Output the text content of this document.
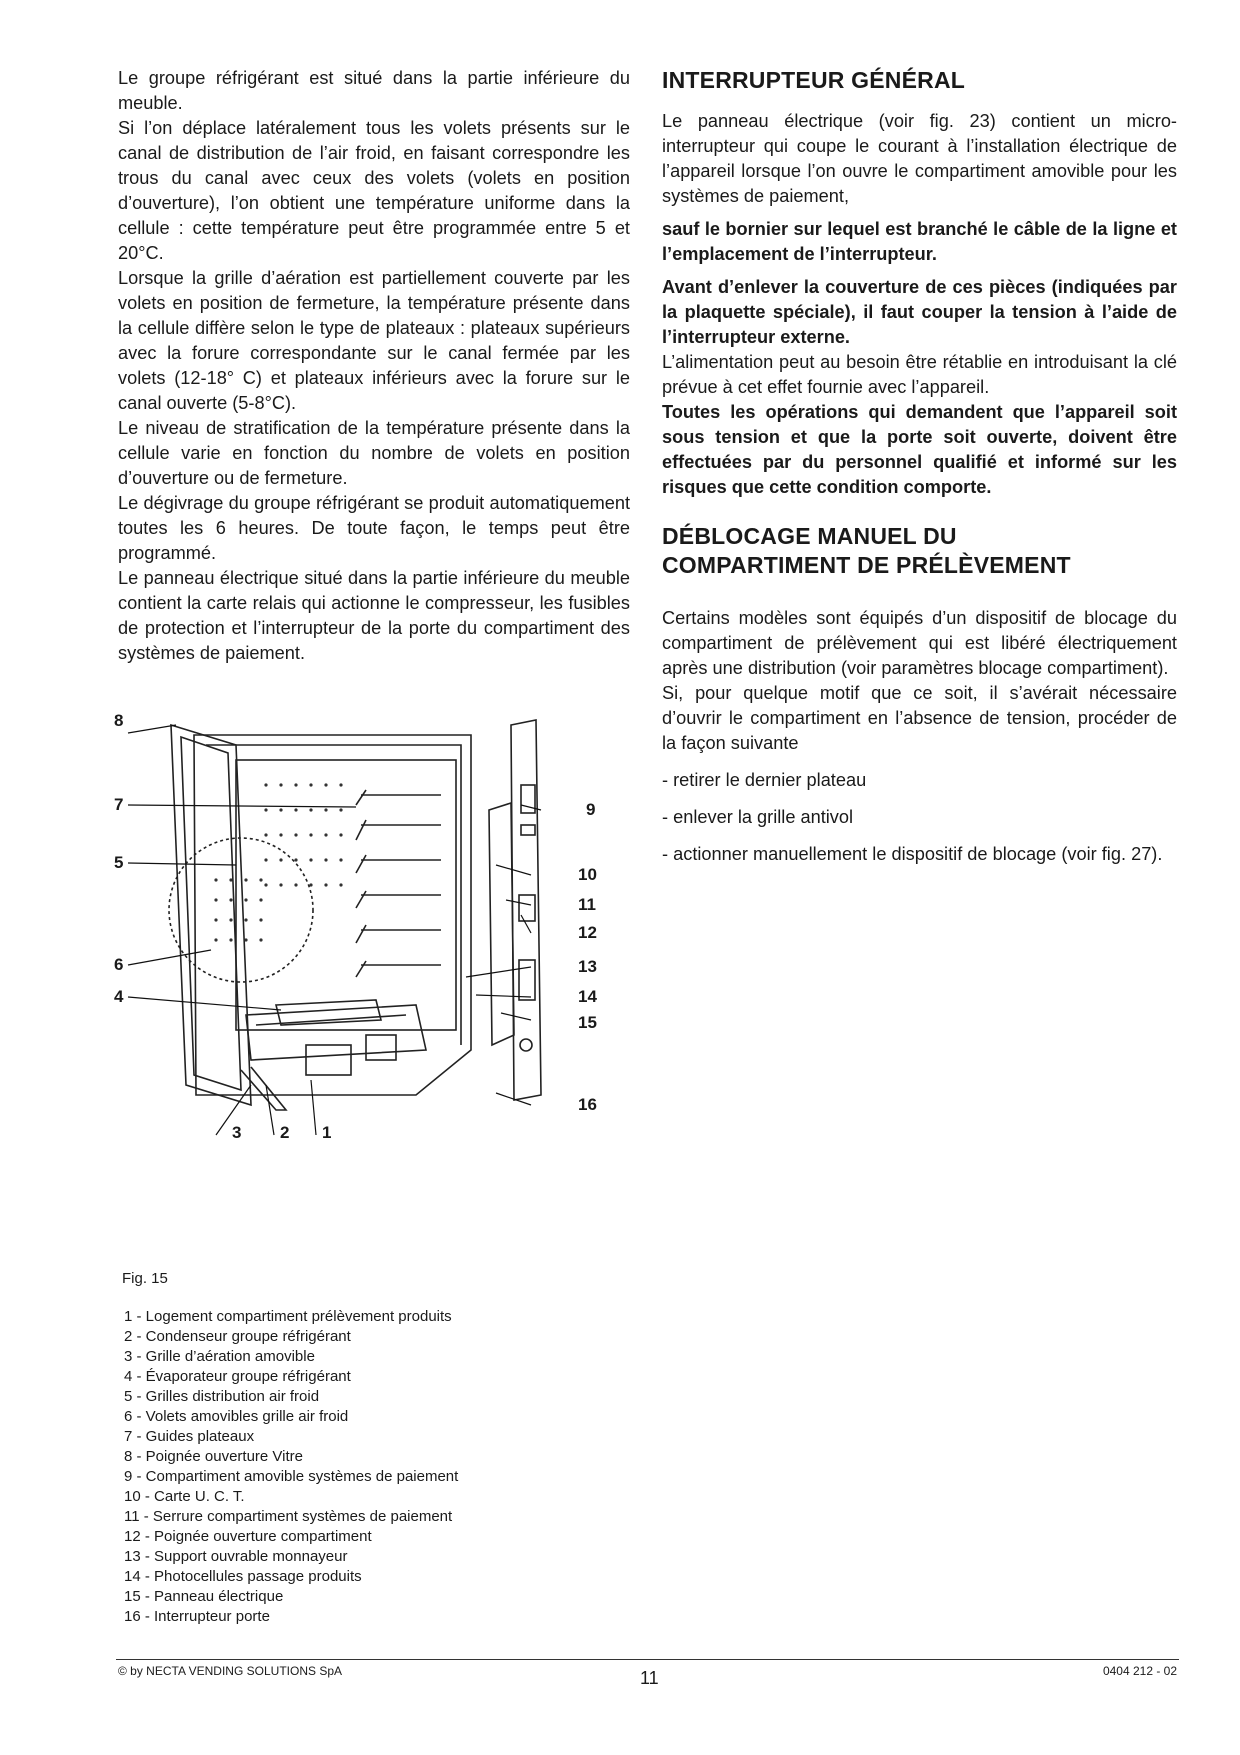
Le groupe réfrigérant est situé dans la partie inférieure du meuble.

Si l’on déplace latéralement tous les volets présents sur le canal de distribution de l’air froid, en faisant correspondre les trous du canal avec ceux des volets (volets en position d’ouverture), l’on obtient une température uniforme dans la cellule : cette température peut être programmée entre 5 et 20°C.

Lorsque la grille d’aération est partiellement couverte par les volets en position de fermeture, la température présente dans la cellule diffère selon le type de plateaux : plateaux supérieurs avec la forure correspondante sur le canal fermée par les volets (12-18° C) et plateaux inférieurs avec la forure sur le canal ouverte (5-8°C).

Le niveau de stratification de la température présente dans la cellule varie en fonction du nombre de volets en position d’ouverture ou de fermeture.

Le dégivrage du groupe réfrigérant se produit automatiquement toutes les 6 heures. De toute façon, le temps peut être programmé.

Le panneau électrique situé dans la partie inférieure du meuble contient la carte relais qui actionne le compresseur, les fusibles de protection et l’interrupteur de la porte du compartiment des systèmes de paiement.

INTERRUPTEUR GÉNÉRAL

Le panneau électrique (voir fig. 23) contient un micro-interrupteur qui coupe le courant à l’installation électrique de l’appareil lorsque l’on ouvre le compartiment amovible pour les systèmes de paiement,

sauf le bornier sur lequel est branché le câble de la ligne et l’emplacement de l’interrupteur.

Avant d’enlever la couverture de ces pièces (indiquées par la plaquette spéciale), il faut couper la tension à l’aide de l’interrupteur externe.

L’alimentation peut au besoin être rétablie en introduisant la clé prévue à cet effet fournie avec l’appareil.

Toutes les opérations qui demandent que l’appareil soit sous tension et que la porte soit ouverte, doivent être effectuées par du personnel qualifié et informé sur les risques que cette condition comporte.

DÉBLOCAGE MANUEL DU
COMPARTIMENT DE PRÉLÈVEMENT

Certains modèles sont équipés d’un dispositif de blocage du compartiment de prélèvement qui est libéré électriquement après une distribution (voir paramètres blocage compartiment).

Si, pour quelque motif que ce soit, il s’avérait nécessaire d’ouvrir le compartiment en l’absence de tension, procéder de la façon suivante

- retirer le dernier plateau

- enlever la grille antivol

- actionner manuellement le dispositif de blocage (voir fig. 27).

8
7
5
6
4
9
10
11
12
13
14
15
16
3 2 1
Fig. 15
1 - Logement compartiment prélèvement produits
2 - Condenseur groupe réfrigérant
3 - Grille d’aération amovible
4 - Évaporateur groupe réfrigérant
5 - Grilles distribution air froid
6 - Volets amovibles grille air froid
7 - Guides plateaux
8 - Poignée ouverture Vitre
9 - Compartiment amovible systèmes de paiement
10 - Carte U. C. T.
11 - Serrure compartiment systèmes de paiement
12 - Poignée ouverture compartiment
13 - Support ouvrable monnayeur
14 - Photocellules passage produits
15 - Panneau électrique
16 - Interrupteur porte
© by NECTA VENDING SOLUTIONS SpA	11	0404 212 - 02
